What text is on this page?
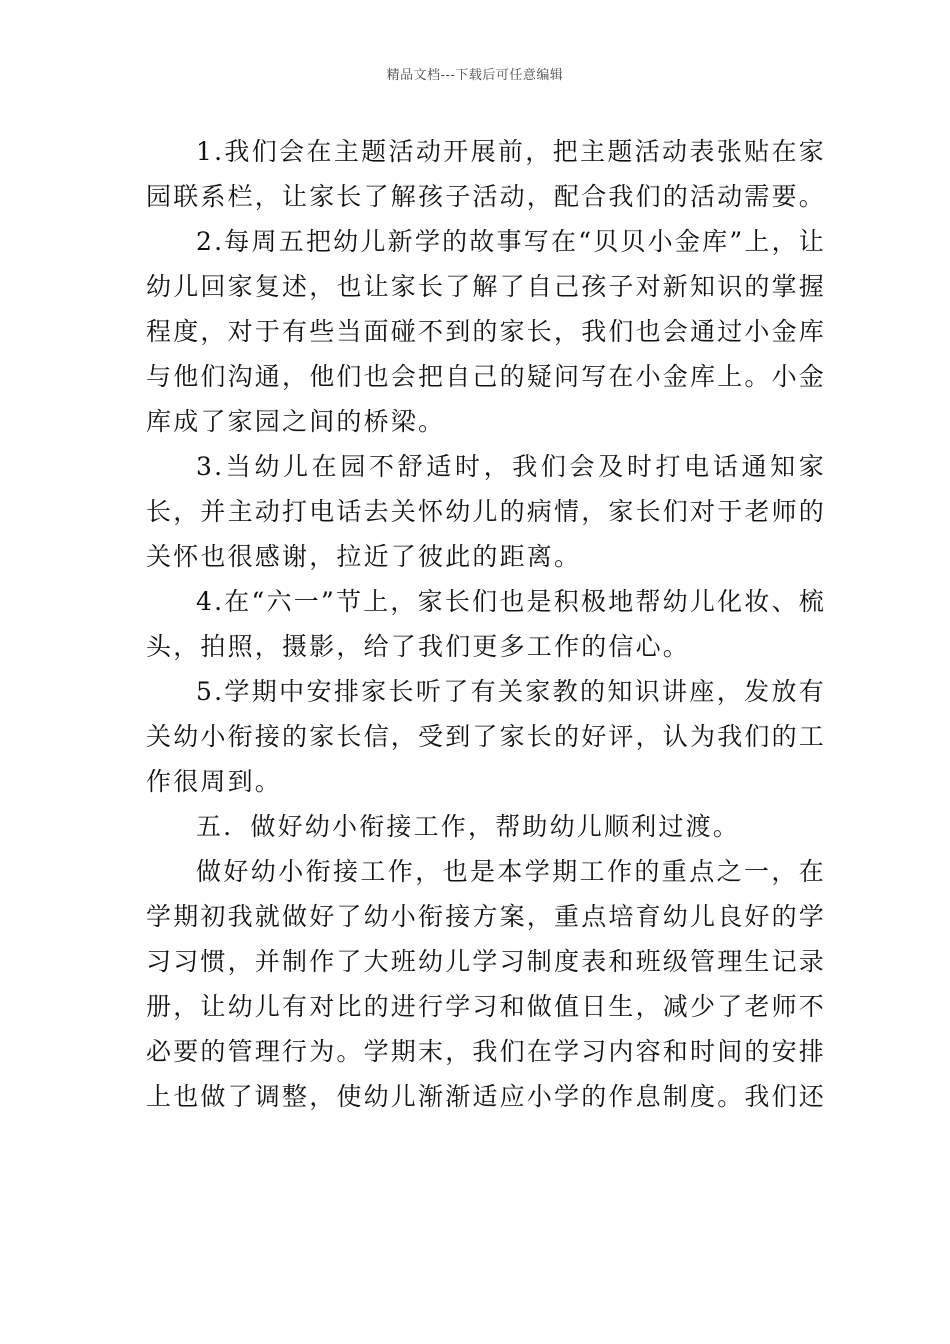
精品文档---下载后可任意编辑

1.我们会在主题活动开展前，把主题活动表张贴在家园联系栏，让家长了解孩子活动，配合我们的活动需要。

2.每周五把幼儿新学的故事写在“贝贝小金库”上，让幼儿回家复述，也让家长了解了自己孩子对新知识的掌握程度，对于有些当面碰不到的家长，我们也会通过小金库与他们沟通，他们也会把自己的疑问写在小金库上。小金库成了家园之间的桥梁。

3.当幼儿在园不舒适时，我们会及时打电话通知家长，并主动打电话去关怀幼儿的病情，家长们对于老师的关怀也很感谢，拉近了彼此的距离。

4.在“六一”节上，家长们也是积极地帮幼儿化妆、梳头，拍照，摄影，给了我们更多工作的信心。

5.学期中安排家长听了有关家教的知识讲座，发放有关幼小衔接的家长信，受到了家长的好评，认为我们的工作很周到。

五．做好幼小衔接工作，帮助幼儿顺利过渡。

做好幼小衔接工作，也是本学期工作的重点之一，在学期初我就做好了幼小衔接方案，重点培育幼儿良好的学习习惯，并制作了大班幼儿学习制度表和班级管理生记录册，让幼儿有对比的进行学习和做值日生，减少了老师不必要的管理行为。学期末，我们在学习内容和时间的安排上也做了调整，使幼儿渐渐适应小学的作息制度。我们还
